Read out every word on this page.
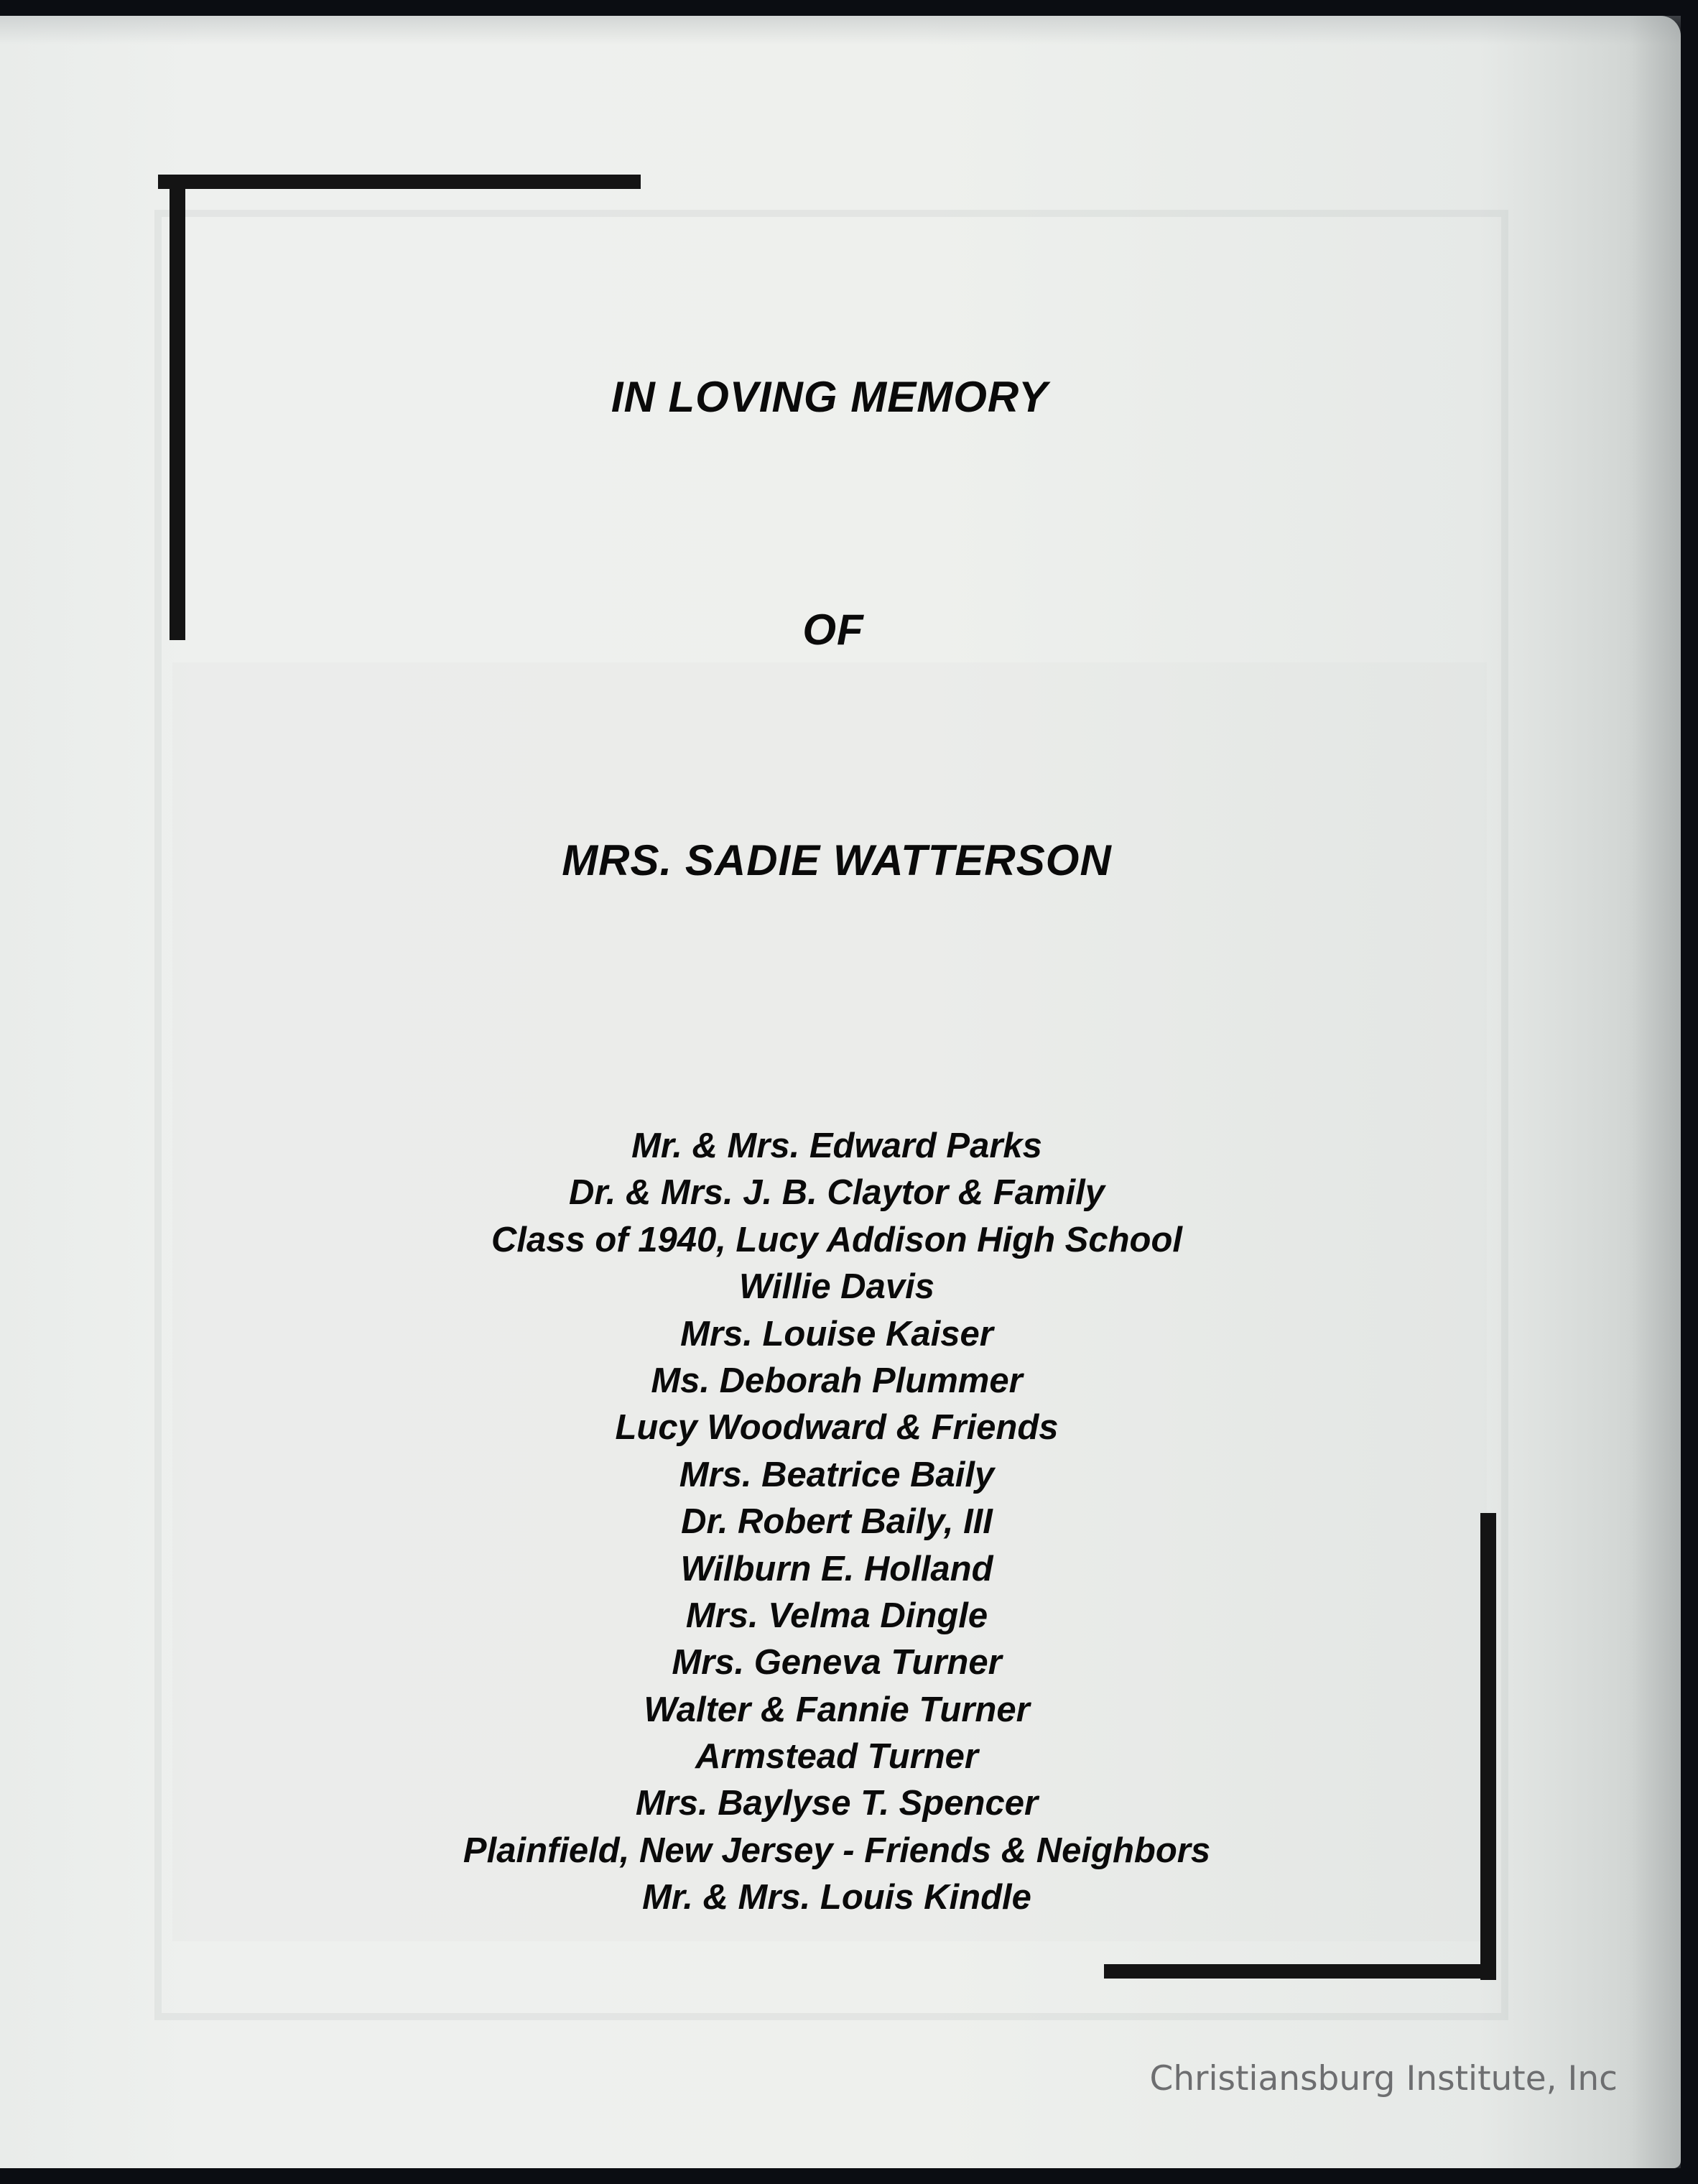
IN LOVING MEMORY
OF
MRS. SADIE WATTERSON
Mr. & Mrs. Edward Parks
Dr. & Mrs. J. B. Claytor & Family
Class of 1940, Lucy Addison High School
Willie Davis
Mrs. Louise Kaiser
Ms. Deborah Plummer
Lucy Woodward & Friends
Mrs. Beatrice Baily
Dr. Robert Baily, III
Wilburn E. Holland
Mrs. Velma Dingle
Mrs. Geneva Turner
Walter & Fannie Turner
Armstead Turner
Mrs. Baylyse T. Spencer
Plainfield, New Jersey - Friends & Neighbors
Mr. & Mrs. Louis Kindle
Christiansburg Institute, Inc
